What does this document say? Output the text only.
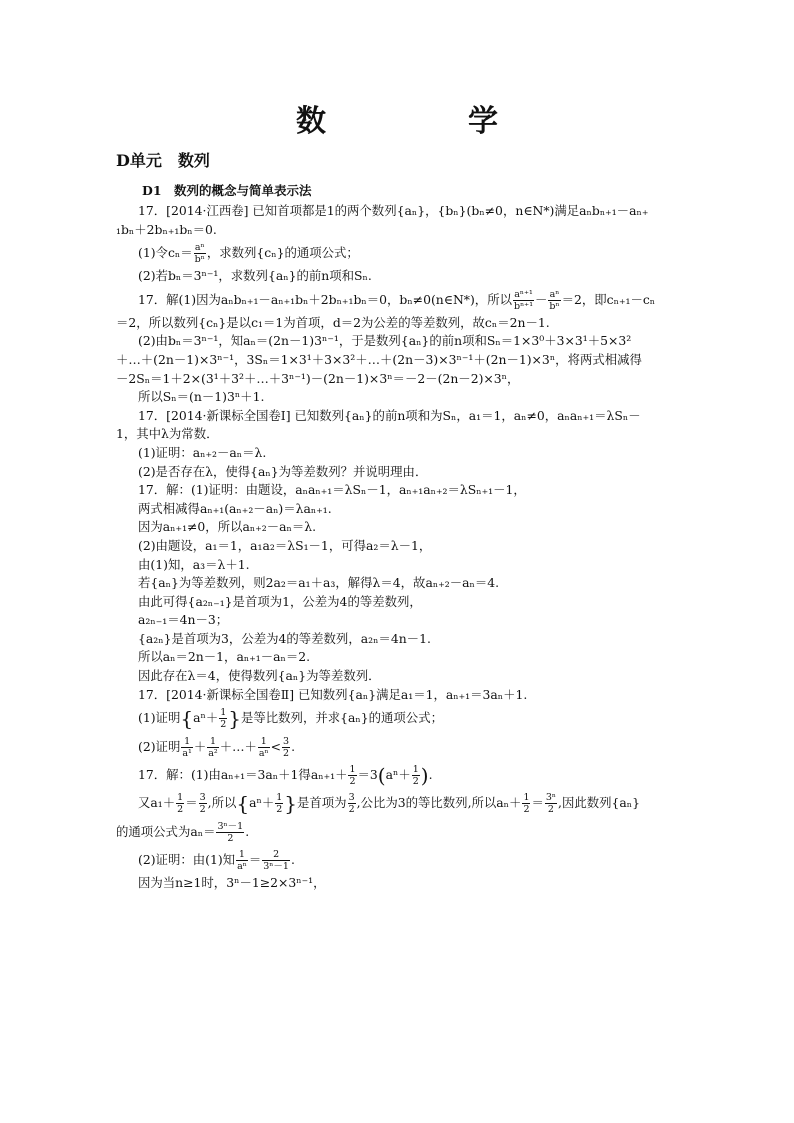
数　学
D单元　数列
D1　数列的概念与简单表示法
17．[2014·江西卷] 已知首项都是1的两个数列{aₙ}，{bₙ}(bₙ≠0，n∈N*)满足aₙbₙ₊₁－aₙ₊
₁bₙ＋2bₙ₊₁bₙ＝0.
(1)令$c_n= \frac{\text{aⁿ}}{\text{bⁿ}}$ ，求数列{cₙ}的通项公式；
(2)若bₙ＝3ⁿ⁻¹，求数列{aₙ}的前n项和Sₙ.
17．解(1)因为aₙbₙ₊₁－aₙ₊₁bₙ＋2bₙ₊₁bₙ＝0，bₙ≠0(n∈N*)，所以 $\frac{\text{aⁿ⁺¹}}{\text{bⁿ⁺¹}} - \frac{\text{aⁿ}}{\text{bⁿ}} =2$，即cₙ₊₁－cₙ
＝2，所以数列{cₙ}是以c₁＝1为首项，d＝2为公差的等差数列，故cₙ＝2n－1.
(2)由bₙ＝3ⁿ⁻¹，知aₙ＝(2n－1)3ⁿ⁻¹，于是数列{aₙ}的前n项和Sₙ＝1×3⁰＋3×3¹＋5×3²
＋…＋(2n－1)×3ⁿ⁻¹，3Sₙ＝1×3¹＋3×3²＋…＋(2n－3)×3ⁿ⁻¹＋(2n－1)×3ⁿ，将两式相减得
－2Sₙ＝1＋2×(3¹＋3²＋…＋3ⁿ⁻¹)－(2n－1)×3ⁿ＝－2－(2n－2)×3ⁿ，
所以Sₙ＝(n－1)3ⁿ＋1.
17．[2014·新课标全国卷Ⅰ] 已知数列{aₙ}的前n项和为Sₙ，a₁＝1，aₙ≠0，aₙaₙ₊₁＝λSₙ－
1，其中λ为常数．
(1)证明：aₙ₊₂－aₙ＝λ.
(2)是否存在λ，使得{aₙ}为等差数列？并说明理由．
17．解：(1)证明：由题设，aₙaₙ₊₁＝λSₙ－1，aₙ₊₁aₙ₊₂＝λSₙ₊₁－1，
两式相减得aₙ₊₁(aₙ₊₂－aₙ)＝λaₙ₊₁.
因为aₙ₊₁≠0，所以aₙ₊₂－aₙ＝λ.
(2)由题设，a₁＝1，a₁a₂＝λS₁－1，可得a₂＝λ－1，
由(1)知，a₃＝λ＋1.
若{aₙ}为等差数列，则2a₂＝a₁＋a₃，解得λ＝4，故aₙ₊₂－aₙ＝4.
由此可得{a₂ₙ₋₁}是首项为1，公差为4的等差数列，
a₂ₙ₋₁＝4n－3；
{a₂ₙ}是首项为3，公差为4的等差数列，a₂ₙ＝4n－1.
所以aₙ＝2n－1，aₙ₊₁－aₙ＝2.
因此存在λ＝4，使得数列{aₙ}为等差数列．
17．[2014·新课标全国卷Ⅱ] 已知数列{aₙ}满足a₁＝1，aₙ₊₁＝3aₙ＋1.
(1)证明{$a^n+ \frac{1}{2}$ }是等比数列，并求{aₙ}的通项公式；
(2)证明 $\frac{1}{\text{a¹}} + \frac{1}{\text{a²}}$ ＋…＋ $\frac{1}{\text{aⁿ}} < \frac{3}{2}$ .
17．解：(1)由aₙ₊₁＝3aₙ＋1得$a_{n+1}+ \frac{1}{2} =3(a^n+ \frac{1}{2}$ ).
又$a_1+ \frac{1}{2} = \frac{3}{2}$ ,所以{$a^n+ \frac{1}{2}$ }是首项为 $\frac{3}{2}$ ,公比为3的等比数列,所以$a_n+ \frac{1}{2} = \frac{\text{3ⁿ}}{2}$ ,因此数列{aₙ}
的通项公式为$a_n= \frac{\text{3ⁿ－1}}{2}$ .
(2)证明：由(1)知 $\frac{1}{\text{aⁿ}} = \frac{2}{\text{3ⁿ－1}}$ .
因为当n≥1时，3ⁿ－1≥2×3ⁿ⁻¹，
